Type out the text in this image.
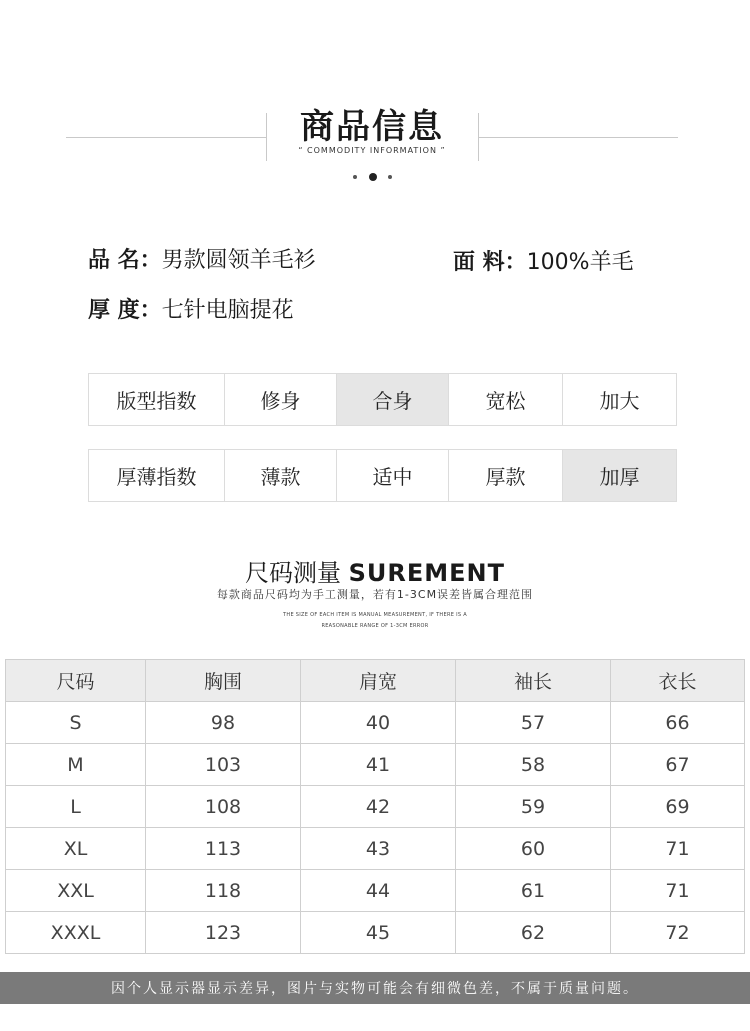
商品信息
“ COMMODITY INFORMATION ”
品 名：男款圆领羊毛衫	面 料：100%羊毛
厚 度：七针电脑提花
版型指数	修身	合身	宽松	加大
厚薄指数	薄款	适中	厚款	加厚
尺码测量 SUREMENT
每款商品尺码均为手工测量，若有1-3CM误差皆属合理范围
THE SIZE OF EACH ITEM IS MANUAL MEASUREMENT, IF THERE IS A
REASONABLE RANGE OF 1-3CM ERROR
尺码	胸围	肩宽	袖长	衣长
S	98	40	57	66
M	103	41	58	67
L	108	42	59	69
XL	113	43	60	71
XXL	118	44	61	71
XXXL	123	45	62	72
因个人显示器显示差异，图片与实物可能会有细微色差，不属于质量问题。
